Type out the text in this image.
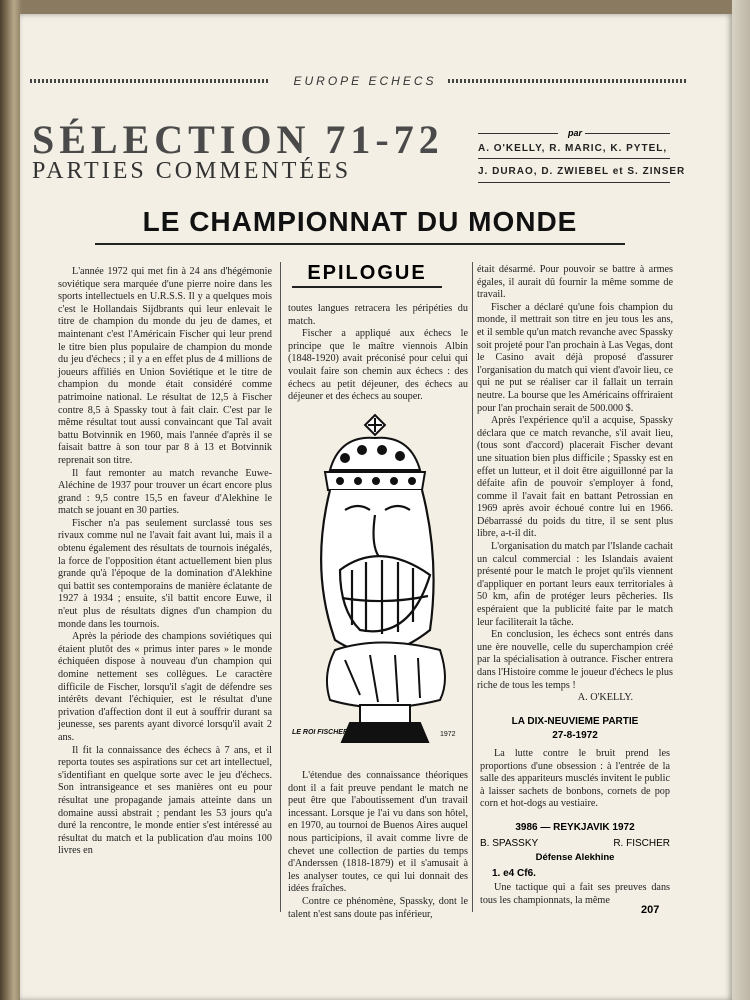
EUROPE ECHECS
SÉLECTION 71-72
PARTIES COMMENTÉES
par
A. O'KELLY, R. MARIC, K. PYTEL,
J. DURAO, D. ZWIEBEL et S. ZINSER
LE CHAMPIONNAT DU MONDE

L'année 1972 qui met fin à 24 ans d'hégémonie soviétique sera marquée d'une pierre noire dans les sports intellectuels en U.R.S.S. Il y a quelques mois c'est le Hollandais Sijdbrants qui leur enlevait le titre de champion du monde du jeu de dames, et maintenant c'est l'Américain Fischer qui leur prend le titre bien plus populaire de champion du monde du jeu d'échecs ; il y a en effet plus de 4 millions de joueurs affiliés en Union Soviétique et le titre de champion du monde était considéré comme patrimoine national. Le résultat de 12,5 à Fischer contre 8,5 à Spassky tout à fait clair. C'est par le même résultat tout aussi convaincant que Tal avait battu Botvinnik en 1960, mais l'année d'après il se faisait battre à son tour par 8 à 13 et Botvinnik reprenait son titre.

Il faut remonter au match revanche Euwe-Aléchine de 1937 pour trouver un écart encore plus grand : 9,5 contre 15,5 en faveur d'Alekhine le match se jouant en 30 parties.

Fischer n'a pas seulement surclassé tous ses rivaux comme nul ne l'avait fait avant lui, mais il a obtenu également des résultats de tournois inégalés, la force de l'opposition étant actuellement bien plus grande qu'à l'époque de la domination d'Alekhine qui battit ses contemporains de manière éclatante de 1927 à 1934 ; ensuite, s'il battit encore Euwe, il n'eut plus de résultats dignes d'un champion du monde dans les tournois.

Après la période des champions soviétiques qui étaient plutôt des « primus inter pares » le monde échiquéen dispose à nouveau d'un champion qui domine nettement ses collègues. Le caractère difficile de Fischer, lorsqu'il s'agit de défendre ses intérêts devant l'échiquier, est le résultat d'une privation d'affection dont il eut à souffrir durant sa jeunesse, ses parents ayant divorcé lorsqu'il avait 2 ans.

Il fit la connaissance des échecs à 7 ans, et il reporta toutes ses aspirations sur cet art intellectuel, s'identifiant en quelque sorte avec le jeu d'échecs. Son intransigeance et ses manières ont eu pour résultat une propagande jamais atteinte dans un domaine aussi abstrait ; pendant les 53 jours qu'a duré la rencontre, le monde entier s'est intéressé au résultat du match et la publication d'au moins 100 livres en

EPILOGUE

toutes langues retracera les péripéties du match.

Fischer a appliqué aux échecs le principe que le maître viennois Albin (1848-1920) avait préconisé pour celui qui voulait faire son chemin aux échecs : des échecs au petit déjeuner, des échecs au déjeuner et des échecs au souper.

LE ROI FISCHER	1972

L'étendue des connaissance théoriques dont il a fait preuve pendant le match ne peut être que l'aboutissement d'un travail incessant. Lorsque je l'ai vu dans son hôtel, en 1970, au tournoi de Buenos Aires auquel nous participions, il avait comme livre de chevet une collection de parties du temps d'Anderssen (1818-1879) et il s'amusait à les analyser toutes, ce qui lui donnait des idées fraîches.

Contre ce phénomène, Spassky, dont le talent n'est sans doute pas inférieur,

était désarmé. Pour pouvoir se battre à armes égales, il aurait dû fournir la même somme de travail.

Fischer a déclaré qu'une fois champion du monde, il mettrait son titre en jeu tous les ans, et il semble qu'un match revanche avec Spassky soit projeté pour l'an prochain à Las Vegas, dont le Casino avait déjà proposé d'assurer l'organisation du match qui vient d'avoir lieu, ce qui ne put se réaliser car il fallait un terrain neutre. La bourse que les Américains offriraient pour l'an prochain serait de 500.000 $.

Après l'expérience qu'il a acquise, Spassky déclara que ce match revanche, s'il avait lieu, (tous sont d'accord) placerait Fischer devant une situation bien plus difficile ; Spassky est en effet un lutteur, et il doit être aiguillonné par la défaite afin de pouvoir s'employer à fond, comme il l'avait fait en battant Petrossian en 1969 après avoir échoué contre lui en 1966. Débarrassé du poids du titre, il se sent plus libre, a-t-il dit.

L'organisation du match par l'Islande cachait un calcul commercial : les Islandais avaient présenté pour le match le projet qu'ils viennent d'appliquer en portant leurs eaux territoriales à 50 km, afin de protéger leurs pêcheries. Ils espéraient que la publicité faite par le match leur faciliterait la tâche.

En conclusion, les échecs sont entrés dans une ère nouvelle, celle du superchampion créé par la spécialisation à outrance. Fischer entrera dans l'Histoire comme le joueur d'échecs le plus riche de tous les temps !

A. O'KELLY.

LA DIX-NEUVIEME PARTIE
27-8-1972

La lutte contre le bruit prend les proportions d'une obsession : à l'entrée de la salle des appariteurs musclés invitent le public à laisser sachets de bonbons, cornets de pop corn et hot-dogs au vestiaire.

3986 — REYKJAVIK 1972
B. SPASSKY	R. FISCHER
Défense Alekhine
1. e4 Cf6.

Une tactique qui a fait ses preuves dans tous les championnats, la même

207
